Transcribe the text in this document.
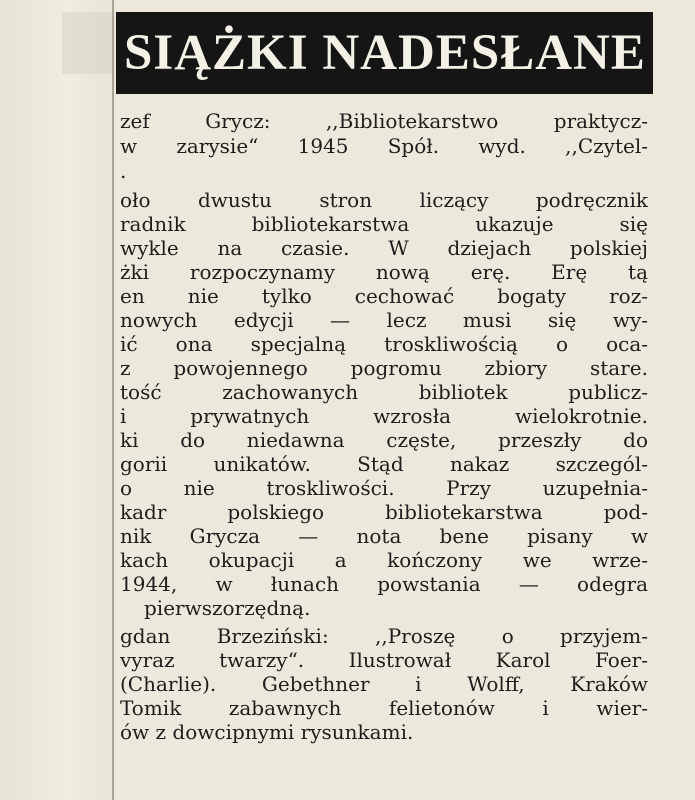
SIĄŻKI NADESŁANE
zef Grycz: ,,Bibliotekarstwo praktycz-
w zarysie“ 1945 Spół. wyd. ,,Czytel-
.
oło dwustu stron liczący podręcznik
radnik bibliotekarstwa ukazuje się
wykle na czasie. W dziejach polskiej
żki rozpoczynamy nową erę. Erę tą
en nie tylko cechować bogaty roz-
nowych edycji — lecz musi się wy-
ić ona specjalną troskliwością o oca-
z powojennego pogromu zbiory stare.
tość zachowanych bibliotek publicz-
i prywatnych wzrosła wielokrotnie.
ki do niedawna częste, przeszły do
gorii unikatów. Stąd nakaz szczegól-
o nie troskliwości. Przy uzupełnia-
kadr polskiego bibliotekarstwa pod-
nik Grycza — nota bene pisany w
kach okupacji a kończony we wrze-
1944, w łunach powstania — odegra
pierwszorzędną.
gdan Brzeziński: ,,Proszę o przyjem-
vyraz twarzy“. Ilustrował Karol Foer-
(Charlie). Gebethner i Wolff, Kraków
Tomik zabawnych felietonów i wier-
ów z dowcipnymi rysunkami.
